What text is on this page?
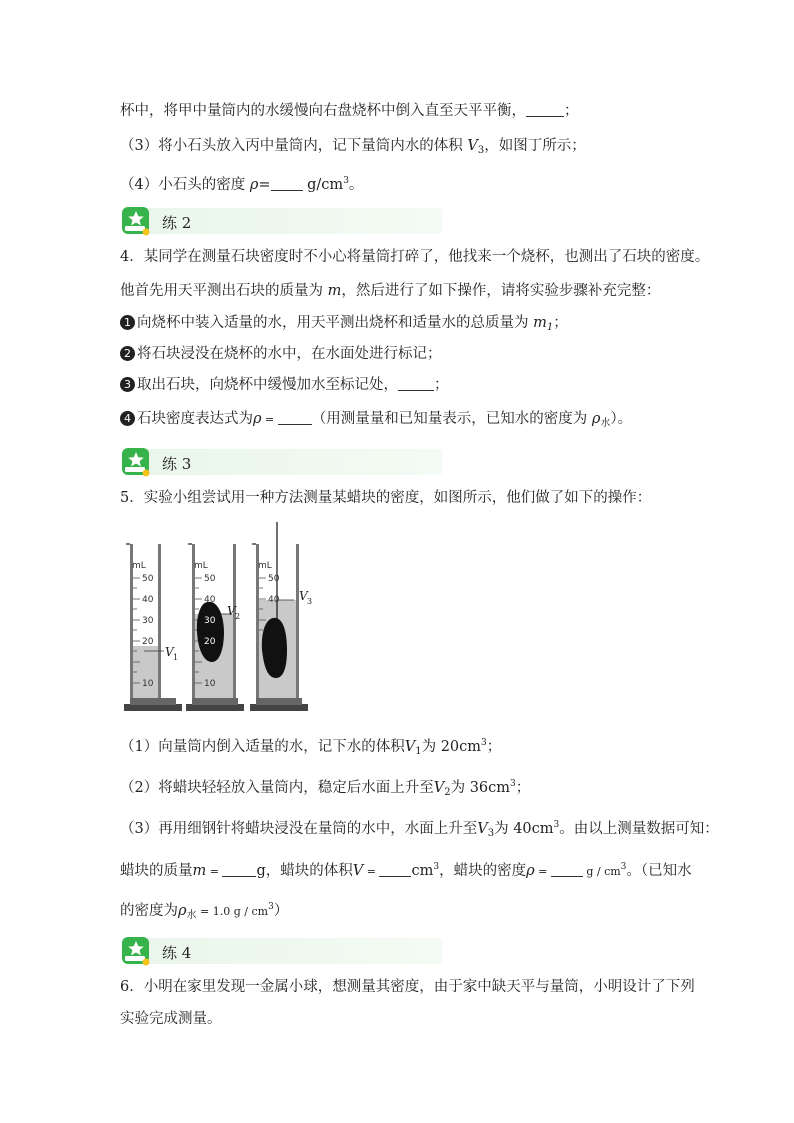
杯中，将甲中量筒内的水缓慢向右盘烧杯中倒入直至天平平衡，	；
（3）将小石头放入丙中量筒内，记下量筒内水的体积 $V_3$，如图丁所示；
（4）小石头的密度 $\rho= g/cm^3$。
练 2
4．某同学在测量石块密度时不小心将量筒打碎了，他找来一个烧杯，也测出了石块的密度。
他首先用天平测出石块的质量为 m，然后进行了如下操作，请将实验步骤补充完整：
1 向烧杯中装入适量的水，用天平测出烧杯和适量水的总质量为 $m_1$；
2 将石块浸没在烧杯的水中，在水面处进行标记；
3 取出石块，向烧杯中缓慢加水至标记处， ；
4 石块密度表达式为ρ = （用测量量和已知量表示，已知水的密度为 $\rho_水$）。
练 3
5．实验小组尝试用一种方法测量某蜡块的密度，如图所示，他们做了如下的操作：
mL
50
40
30
20
10
V 1
mL
50
40
30
20
10
V 2
mL
50
40 V 3
（1）向量筒内倒入适量的水，记下水的体积$V_1$为 $20cm^3$；
（2）将蜡块轻轻放入量筒内，稳定后水面上升至$V_2$为 $36cm^3$；
（3）再用细钢针将蜡块浸没在量筒的水中，水面上升至$V_3$为 $40cm^3$。由以上测量数据可知：
蜡块的质量m = g，蜡块的体积$V = cm^3$，蜡块的密度ρ =	g / $cm^3$。（已知水
的密度为$\rho_水 = 1.0$ g / $cm^3$）
练 4
6．小明在家里发现一金属小球，想测量其密度，由于家中缺天平与量筒，小明设计了下列
实验完成测量。
